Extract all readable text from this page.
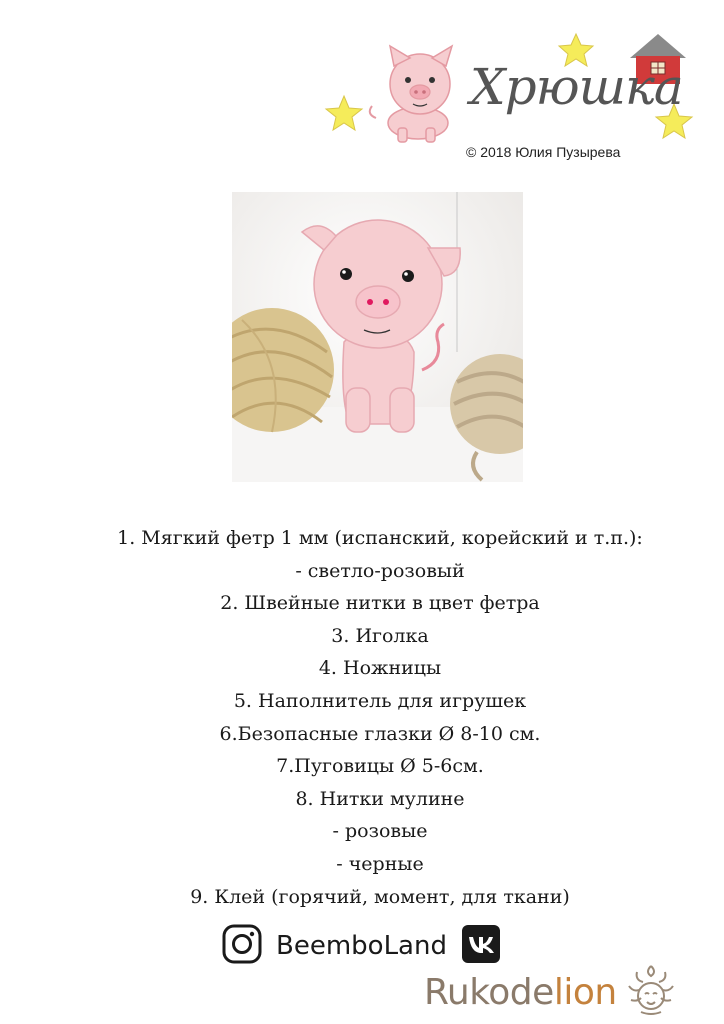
Хрюшка
© 2018 Юлия Пузырева
1. Мягкий фетр 1 мм (испанский, корейский и т.п.):
- светло-розовый
2. Швейные нитки в цвет фетра
3. Иголка
4. Ножницы
5. Наполнитель для игрушек
6.Безопасные глазки Ø 8-10 см.
7.Пуговицы Ø 5-6см.
8. Нитки мулине
- розовые
- черные
9. Клей (горячий, момент, для ткани)
BeemboLand
Rukodelion
